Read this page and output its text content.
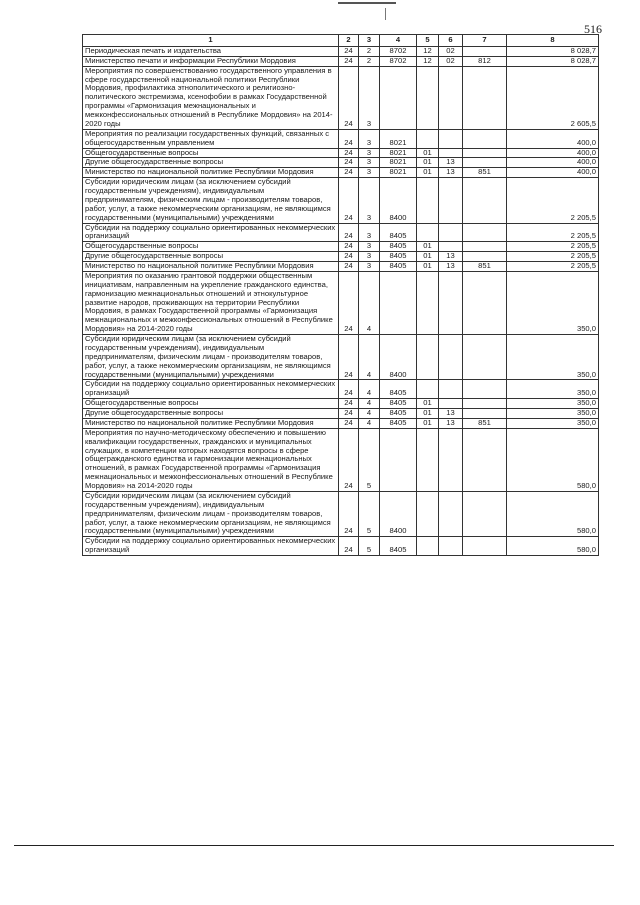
516
1	2	3	4	5	6	7	8
Периодическая печать и издательства	24	2	8702	12	02		8 028,7
Министерство печати и информации Республики Мордовия	24	2	8702	12	02	812	8 028,7
Мероприятия по совершенствованию государственного управления в сфере государственной национальной политики Республики Мордовия, профилактика этнополитического и религиозно-политического экстремизма, ксенофобии в рамках Государственной программы «Гармонизация межнациональных и межконфессиональных отношений в Республике Мордовия» на 2014-2020 годы	24	3					2 605,5
Мероприятия по реализации государственных функций, связанных с общегосударственным управлением	24	3	8021				400,0
Общегосударственные вопросы	24	3	8021	01			400,0
Другие общегосударственные вопросы	24	3	8021	01	13		400,0
Министерство по национальной политике Республики Мордовия	24	3	8021	01	13	851	400,0
Субсидии юридическим лицам (за исключением субсидий государственным учреждениям), индивидуальным предпринимателям, физическим лицам - производителям товаров, работ, услуг, а также некоммерческим организациям, не являющимся государственными (муниципальными) учреждениями	24	3	8400				2 205,5
Субсидии на поддержку социально ориентированных некоммерческих организаций	24	3	8405				2 205,5
Общегосударственные вопросы	24	3	8405	01			2 205,5
Другие общегосударственные вопросы	24	3	8405	01	13		2 205,5
Министерство по национальной политике Республики Мордовия	24	3	8405	01	13	851	2 205,5
Мероприятия по оказанию грантовой поддержки общественным инициативам, направленным на укрепление гражданского единства, гармонизацию межнациональных отношений и этнокультурное развитие народов, проживающих на территории Республики Мордовия, в рамках Государственной программы «Гармонизация межнациональных и межконфессиональных отношений в Республике Мордовия» на 2014-2020 годы	24	4					350,0
Субсидии юридическим лицам (за исключением субсидий государственным учреждениям), индивидуальным предпринимателям, физическим лицам - производителям товаров, работ, услуг, а также некоммерческим организациям, не являющимся государственными (муниципальными) учреждениями	24	4	8400				350,0
Субсидии на поддержку социально ориентированных некоммерческих организаций	24	4	8405				350,0
Общегосударственные вопросы	24	4	8405	01			350,0
Другие общегосударственные вопросы	24	4	8405	01	13		350,0
Министерство по национальной политике Республики Мордовия	24	4	8405	01	13	851	350,0
Мероприятия по научно-методическому обеспечению и повышению квалификации государственных, гражданских и муниципальных служащих, в компетенции которых находятся вопросы в сфере общегражданского единства и гармонизации межнациональных отношений, в рамках Государственной программы «Гармонизация межнациональных и межконфессиональных отношений в Республике Мордовия» на 2014-2020 годы	24	5					580,0
Субсидии юридическим лицам (за исключением субсидий государственным учреждениям), индивидуальным предпринимателям, физическим лицам - производителям товаров, работ, услуг, а также некоммерческим организациям, не являющимся государственными (муниципальными) учреждениями	24	5	8400				580,0
Субсидии на поддержку социально ориентированных некоммерческих организаций	24	5	8405				580,0
